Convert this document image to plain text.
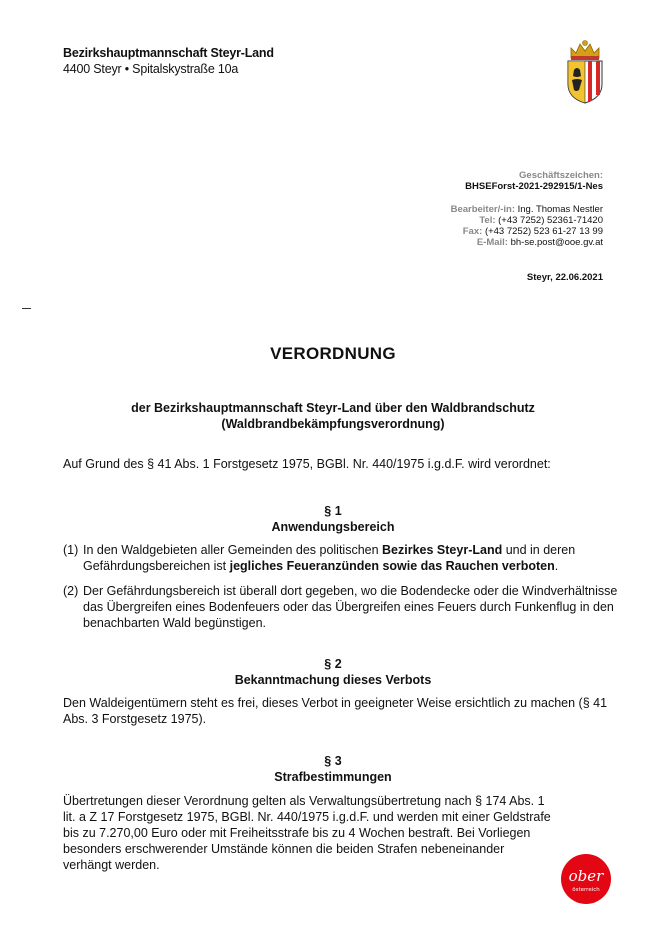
Bezirkshauptmannschaft Steyr-Land
4400 Steyr • Spitalskystraße 10a
Geschäftszeichen:
BHSEForst-2021-292915/1-Nes
Bearbeiter/-in: Ing. Thomas Nestler
Tel: (+43 7252) 52361-71420
Fax: (+43 7252) 523 61-27 13 99
E-Mail: bh-se.post@ooe.gv.at
Steyr, 22.06.2021
VERORDNUNG
der Bezirkshauptmannschaft Steyr-Land über den Waldbrandschutz
(Waldbrandbekämpfungsverordnung)
Auf Grund des § 41 Abs. 1 Forstgesetz 1975, BGBl. Nr. 440/1975 i.g.d.F. wird verordnet:
§ 1
Anwendungsbereich
(1) In den Waldgebieten aller Gemeinden des politischen Bezirkes Steyr-Land und in deren Gefährdungsbereichen ist jegliches Feueranzünden sowie das Rauchen verboten.
(2) Der Gefährdungsbereich ist überall dort gegeben, wo die Bodendecke oder die Windverhältnisse das Übergreifen eines Bodenfeuers oder das Übergreifen eines Feuers durch Funkenflug in den benachbarten Wald begünstigen.
§ 2
Bekanntmachung dieses Verbots
Den Waldeigentümern steht es frei, dieses Verbot in geeigneter Weise ersichtlich zu machen (§ 41 Abs. 3 Forstgesetz 1975).
§ 3
Strafbestimmungen
Übertretungen dieser Verordnung gelten als Verwaltungsübertretung nach § 174 Abs. 1 lit. a Z 17 Forstgesetz 1975, BGBl. Nr. 440/1975 i.g.d.F. und werden mit einer Geldstrafe bis zu 7.270,00 Euro oder mit Freiheitsstrafe bis zu 4 Wochen bestraft. Bei Vorliegen besonders erschwerender Umstände können die beiden Strafen nebeneinander verhängt werden.
ober
österreich
